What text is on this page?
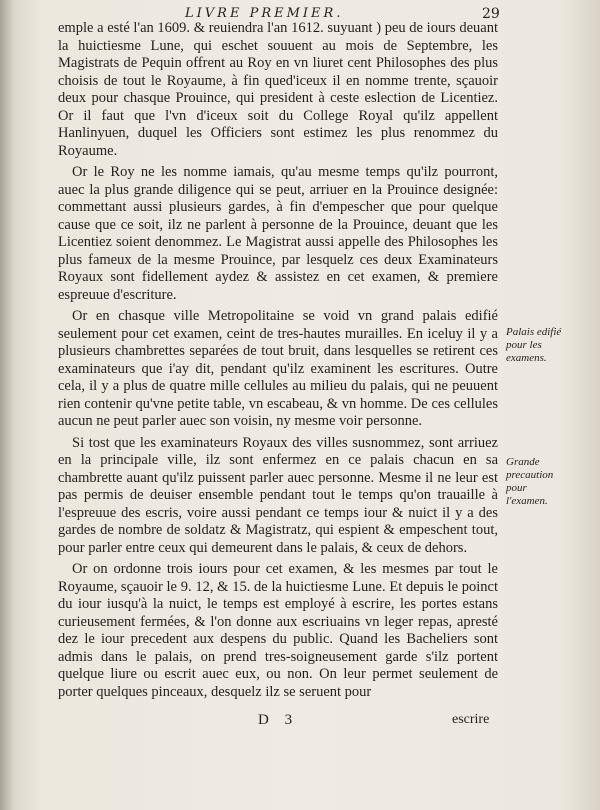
LIVRE PREMIER.	29

emple a esté l'an 1609. & reuiendra l'an 1612. suyuant ) peu de iours deuant la huictiesme Lune, qui eschet souuent au mois de Septembre, les Magistrats de Pequin offrent au Roy en vn liuret cent Philosophes des plus choisis de tout le Royaume, à fin qued'iceux il en nomme trente, sçauoir deux pour chasque Prouince, qui president à ceste eslection de Licentiez. Or il faut que l'vn d'iceux soit du College Royal qu'ilz appellent Hanlinyuen, duquel les Officiers sont estimez les plus renommez du Royaume.

Or le Roy ne les nomme iamais, qu'au mesme temps qu'ilz pourront, auec la plus grande diligence qui se peut, arriuer en la Prouince designée: commettant aussi plusieurs gardes, à fin d'empescher que pour quelque cause que ce soit, ilz ne parlent à personne de la Prouince, deuant que les Licentiez soient denommez. Le Magistrat aussi appelle des Philosophes les plus fameux de la mesme Prouince, par lesquelz ces deux Examinateurs Royaux sont fidellement aydez & assistez en cet examen, & premiere espreuue d'escriture.

Or en chasque ville Metropolitaine se void vn grand palais edifié seulement pour cet examen, ceint de tres-hautes murailles. En iceluy il y a plusieurs chambrettes separées de tout bruit, dans lesquelles se retirent ces examinateurs que i'ay dit, pendant qu'ilz examinent les escritures. Outre cela, il y a plus de quatre mille cellules au milieu du palais, qui ne peuuent rien contenir qu'vne petite table, vn escabeau, & vn homme. De ces cellules aucun ne peut parler auec son voisin, ny mesme voir personne.

Si tost que les examinateurs Royaux des villes susnommez, sont arriuez en la principale ville, ilz sont enfermez en ce palais chacun en sa chambrette auant qu'ilz puissent parler auec personne. Mesme il ne leur est pas permis de deuiser ensemble pendant tout le temps qu'on trauaille à l'espreuue des escris, voire aussi pendant ce temps iour & nuict il y a des gardes de nombre de soldatz & Magistratz, qui espient & empeschent tout, pour parler entre ceux qui demeurent dans le palais, & ceux de dehors.

Or on ordonne trois iours pour cet examen, & les mesmes par tout le Royaume, sçauoir le 9. 12, & 15. de la huictiesme Lune. Et depuis le poinct du iour iusqu'à la nuict, le temps est employé à escrire, les portes estans curieusement fermées, & l'on donne aux escriuains vn leger repas, apresté dez le iour precedent aux despens du public. Quand les Bacheliers sont admis dans le palais, on prend tres-soigneusement garde s'ilz portent quelque liure ou escrit auec eux, ou non. On leur permet seulement de porter quelques pinceaux, desquelz ilz se seruent pour

Palais edifié pour les examens.
Grande precaution pour l'examen.
D 3	escrire
